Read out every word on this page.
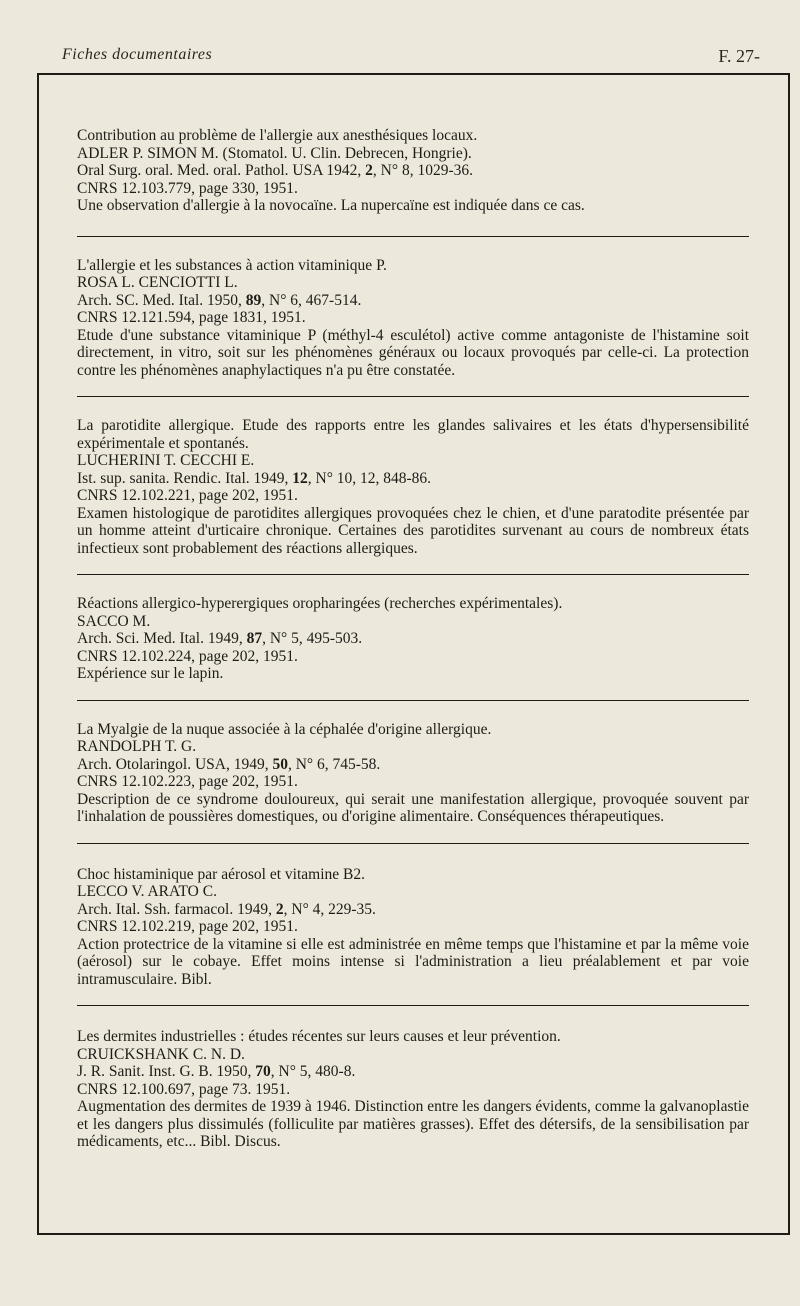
Fiches documentaires	F. 27-
Contribution au problème de l'allergie aux anesthésiques locaux.
ADLER P. SIMON M. (Stomatol. U. Clin. Debrecen, Hongrie).
Oral Surg. oral. Med. oral. Pathol. USA 1942, 2, N° 8, 1029-36.
CNRS 12.103.779, page 330, 1951.
Une observation d'allergie à la novocaïne. La nupercaïne est indiquée dans ce cas.
L'allergie et les substances à action vitaminique P.
ROSA L. CENCIOTTI L.
Arch. SC. Med. Ital. 1950, 89, N° 6, 467-514.
CNRS 12.121.594, page 1831, 1951.
Etude d'une substance vitaminique P (méthyl-4 esculétol) active comme antagoniste de l'histamine soit directement, in vitro, soit sur les phénomènes généraux ou locaux provoqués par celle-ci. La protection contre les phénomènes anaphylactiques n'a pu être constatée.
La parotidite allergique. Etude des rapports entre les glandes salivaires et les états d'hypersensibilité expérimentale et spontanés.
LUCHERINI T. CECCHI E.
Ist. sup. sanita. Rendic. Ital. 1949, 12, N° 10, 12, 848-86.
CNRS 12.102.221, page 202, 1951.
Examen histologique de parotidites allergiques provoquées chez le chien, et d'une paratodite présentée par un homme atteint d'urticaire chronique. Certaines des parotidites survenant au cours de nombreux états infectieux sont probablement des réactions allergiques.
Réactions allergico-hyperergiques oropharingées (recherches expérimentales).
SACCO M.
Arch. Sci. Med. Ital. 1949, 87, N° 5, 495-503.
CNRS 12.102.224, page 202, 1951.
Expérience sur le lapin.
La Myalgie de la nuque associée à la céphalée d'origine allergique.
RANDOLPH T. G.
Arch. Otolaringol. USA, 1949, 50, N° 6, 745-58.
CNRS 12.102.223, page 202, 1951.
Description de ce syndrome douloureux, qui serait une manifestation allergique, provoquée souvent par l'inhalation de poussières domestiques, ou d'origine alimentaire. Conséquences thérapeutiques.
Choc histaminique par aérosol et vitamine B2.
LECCO V. ARATO C.
Arch. Ital. Ssh. farmacol. 1949, 2, N° 4, 229-35.
CNRS 12.102.219, page 202, 1951.
Action protectrice de la vitamine si elle est administrée en même temps que l'histamine et par la même voie (aérosol) sur le cobaye. Effet moins intense si l'administration a lieu préalablement et par voie intramusculaire. Bibl.
Les dermites industrielles : études récentes sur leurs causes et leur prévention.
CRUICKSHANK C. N. D.
J. R. Sanit. Inst. G. B. 1950, 70, N° 5, 480-8.
CNRS 12.100.697, page 73. 1951.
Augmentation des dermites de 1939 à 1946. Distinction entre les dangers évidents, comme la galvanoplastie et les dangers plus dissimulés (folliculite par matières grasses). Effet des détersifs, de la sensibilisation par médicaments, etc... Bibl. Discus.
